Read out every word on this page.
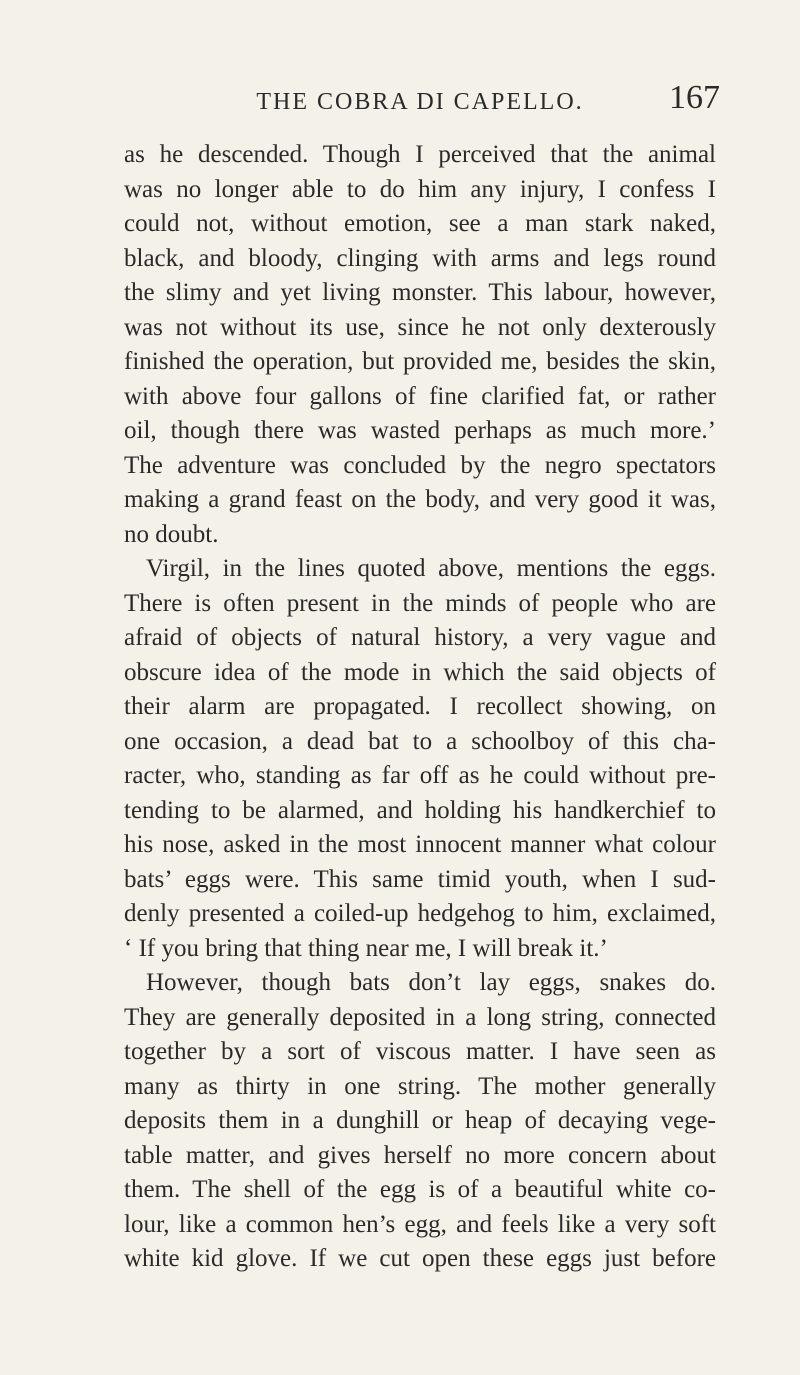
THE COBRA DI CAPELLO.	167
as he descended. Though I perceived that the animal
was no longer able to do him any injury, I confess I
could not, without emotion, see a man stark naked,
black, and bloody, clinging with arms and legs round
the slimy and yet living monster. This labour, however,
was not without its use, since he not only dexterously
finished the operation, but provided me, besides the skin,
with above four gallons of fine clarified fat, or rather
oil, though there was wasted perhaps as much more.’
The adventure was concluded by the negro spectators
making a grand feast on the body, and very good it was,
no doubt.
Virgil, in the lines quoted above, mentions the eggs.
There is often present in the minds of people who are
afraid of objects of natural history, a very vague and
obscure idea of the mode in which the said objects of
their alarm are propagated. I recollect showing, on
one occasion, a dead bat to a schoolboy of this cha-
racter, who, standing as far off as he could without pre-
tending to be alarmed, and holding his handkerchief to
his nose, asked in the most innocent manner what colour
bats’ eggs were. This same timid youth, when I sud-
denly presented a coiled-up hedgehog to him, exclaimed,
‘ If you bring that thing near me, I will break it.’
However, though bats don’t lay eggs, snakes do.
They are generally deposited in a long string, connected
together by a sort of viscous matter. I have seen as
many as thirty in one string. The mother generally
deposits them in a dunghill or heap of decaying vege-
table matter, and gives herself no more concern about
them. The shell of the egg is of a beautiful white co-
lour, like a common hen’s egg, and feels like a very soft
white kid glove. If we cut open these eggs just before
